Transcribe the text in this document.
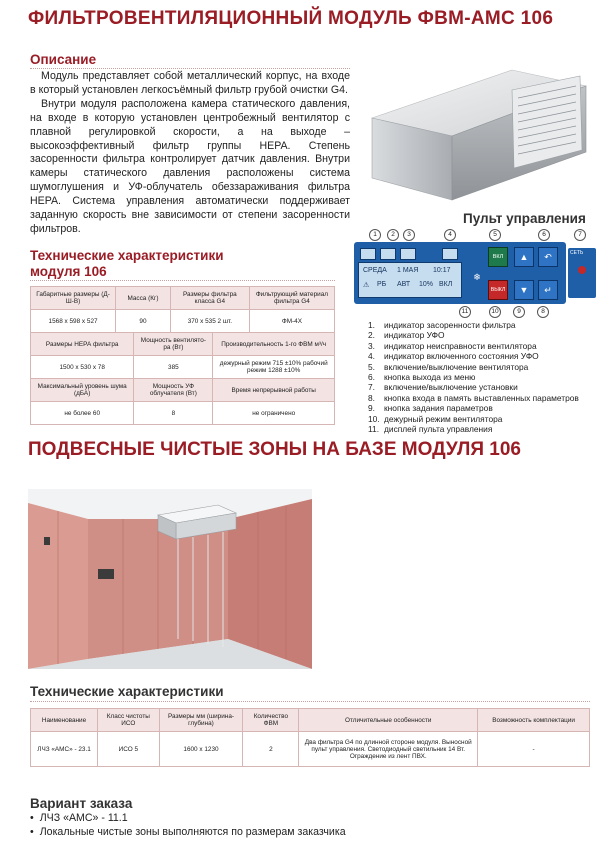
ФИЛЬТРОВЕНТИЛЯЦИОННЫЙ МОДУЛЬ ФВМ-АМС 106
Описание

Модуль представляет собой металлический корпус, на входе в который установлен легкосъёмный фильтр грубой очистки G4.

Внутри модуля расположена камера статического давления, на входе в которую установлен центробежный вентилятор с плавной регулировкой скорости, а на выходе – высокоэффективный фильтр группы HEPA. Степень засоренности фильтра контролирует датчик давления. Внутри камеры статического давления расположены система шумоглушения и УФ-облучатель обеззараживания фильтра HEPA. Система управления автоматически поддерживает заданную скорость вне зависимости от степени засоренности фильтров.

Пульт управления
1	2	3	4	5	6	7
СРЕДА 1 МАЯ 10:17
⚠ РБ АВТ 10% ВКЛ
❄
ВКЛ
ВЫКЛ
▲
▼
↶
↵
СЕТЬ
11	10	9	8
1. индикатор засоренности фильтра
2. индикатор УФО
3. индикатор неисправности вентилятора
4. индикатор включенного состояния УФО
5. включение/выключение вентилятора
6. кнопка выхода из меню
7. включение/выключение установки
8. кнопка входа в память выставленных параметров
9. кнопка задания параметров
10. дежурный режим вентилятора
11. дисплей пульта управления
Технические характеристики
модуля 106
Габаритные размеры (Д-Ш-В)	Масса (Кг)	Размеры фильтра класса G4	Фильтрующий материал фильтра G4
1568 х 598 х 527	90	370 х 535 2 шт.	ФМ-4Х
Размеры НЕРА фильтра	Мощность вентилято-ра (Вт)	Производительность 1-го ФВМ м³/ч
1500 х 530 х 78	385	дежурный режим 715 ±10% рабочий режим 1288 ±10%
Максимальный уровень шума (дБА)	Мощность УФ облучателя (Вт)	Время непрерывной работы
не более 60	8	не ограничено
ПОДВЕСНЫЕ ЧИСТЫЕ ЗОНЫ НА БАЗЕ МОДУЛЯ 106
Технические характеристики
Наименование	Класс чистоты ИСО	Размеры мм (ширина-глубина)	Количество ФВМ	Отличительные особенности	Возможность комплектации
ЛЧЗ «АМС» - 23.1	ИСО 5	1600 х 1230	2	Два фильтра G4 по длинной стороне модуля. Выносной пульт управления. Светодиодный светильник 14 Вт. Ограждение из лент ПВХ.	-
Вариант заказа
• ЛЧЗ «АМС» - 11.1
• Локальные чистые зоны выполняются по размерам заказчика
